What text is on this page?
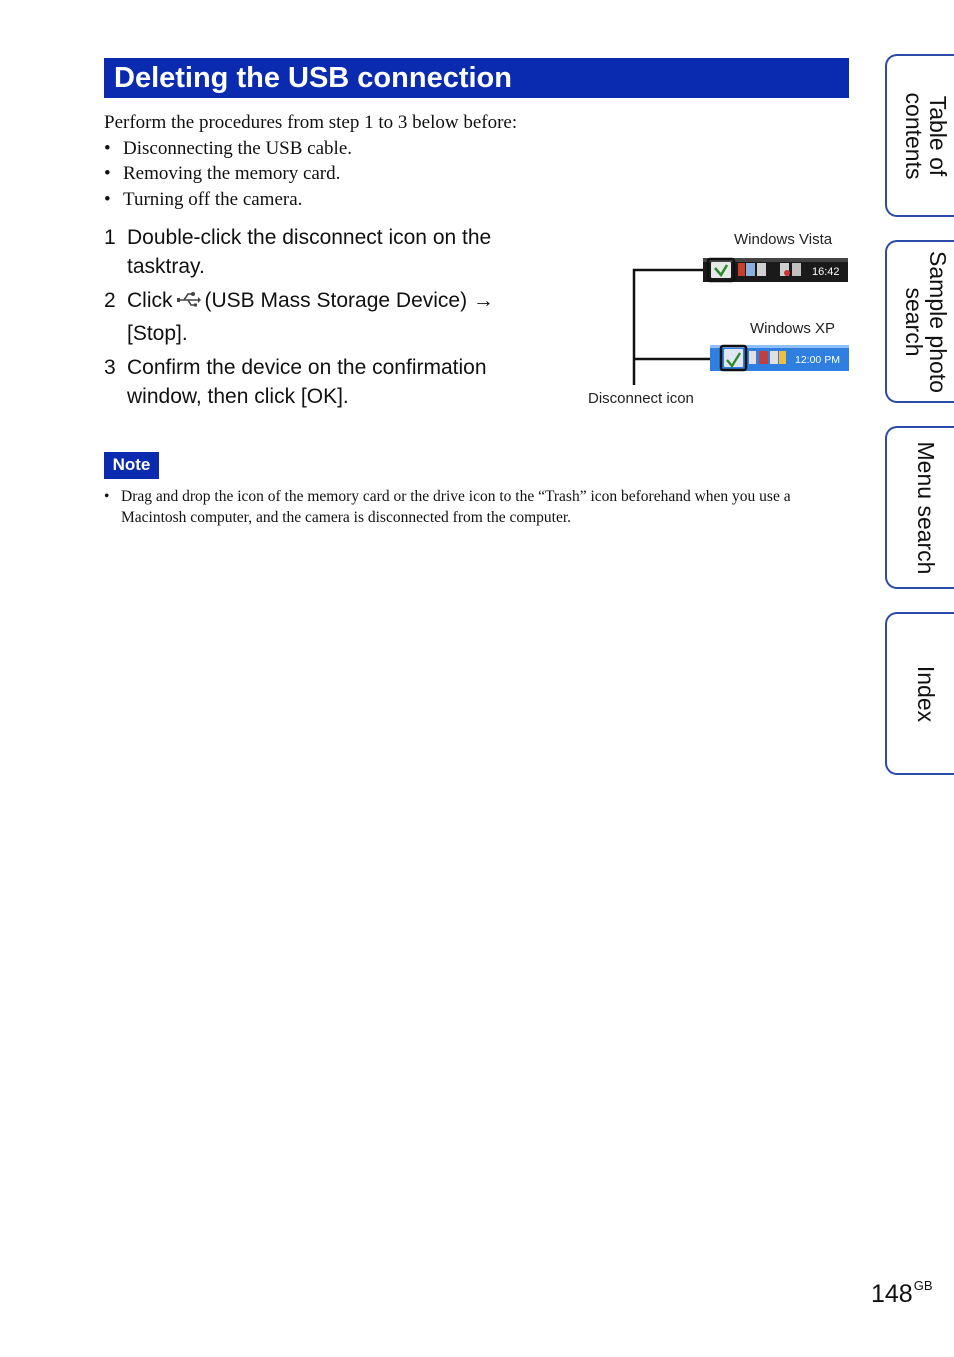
Deleting the USB connection
Perform the procedures from step 1 to 3 below before:
• Disconnecting the USB cable.
• Removing the memory card.
• Turning off the camera.
1 Double-click the disconnect icon on the tasktray.
2 Click (USB Mass Storage Device) → [Stop].
3 Confirm the device on the confirmation window, then click [OK].
Windows Vista
Windows XP
Disconnect icon
16:42
12:00 PM
Note
• Drag and drop the icon of the memory card or the drive icon to the “Trash” icon beforehand when you use a Macintosh computer, and the camera is disconnected from the computer.
Table of
contents
Sample photo
search
Menu search
Index
$148^{GB}$
